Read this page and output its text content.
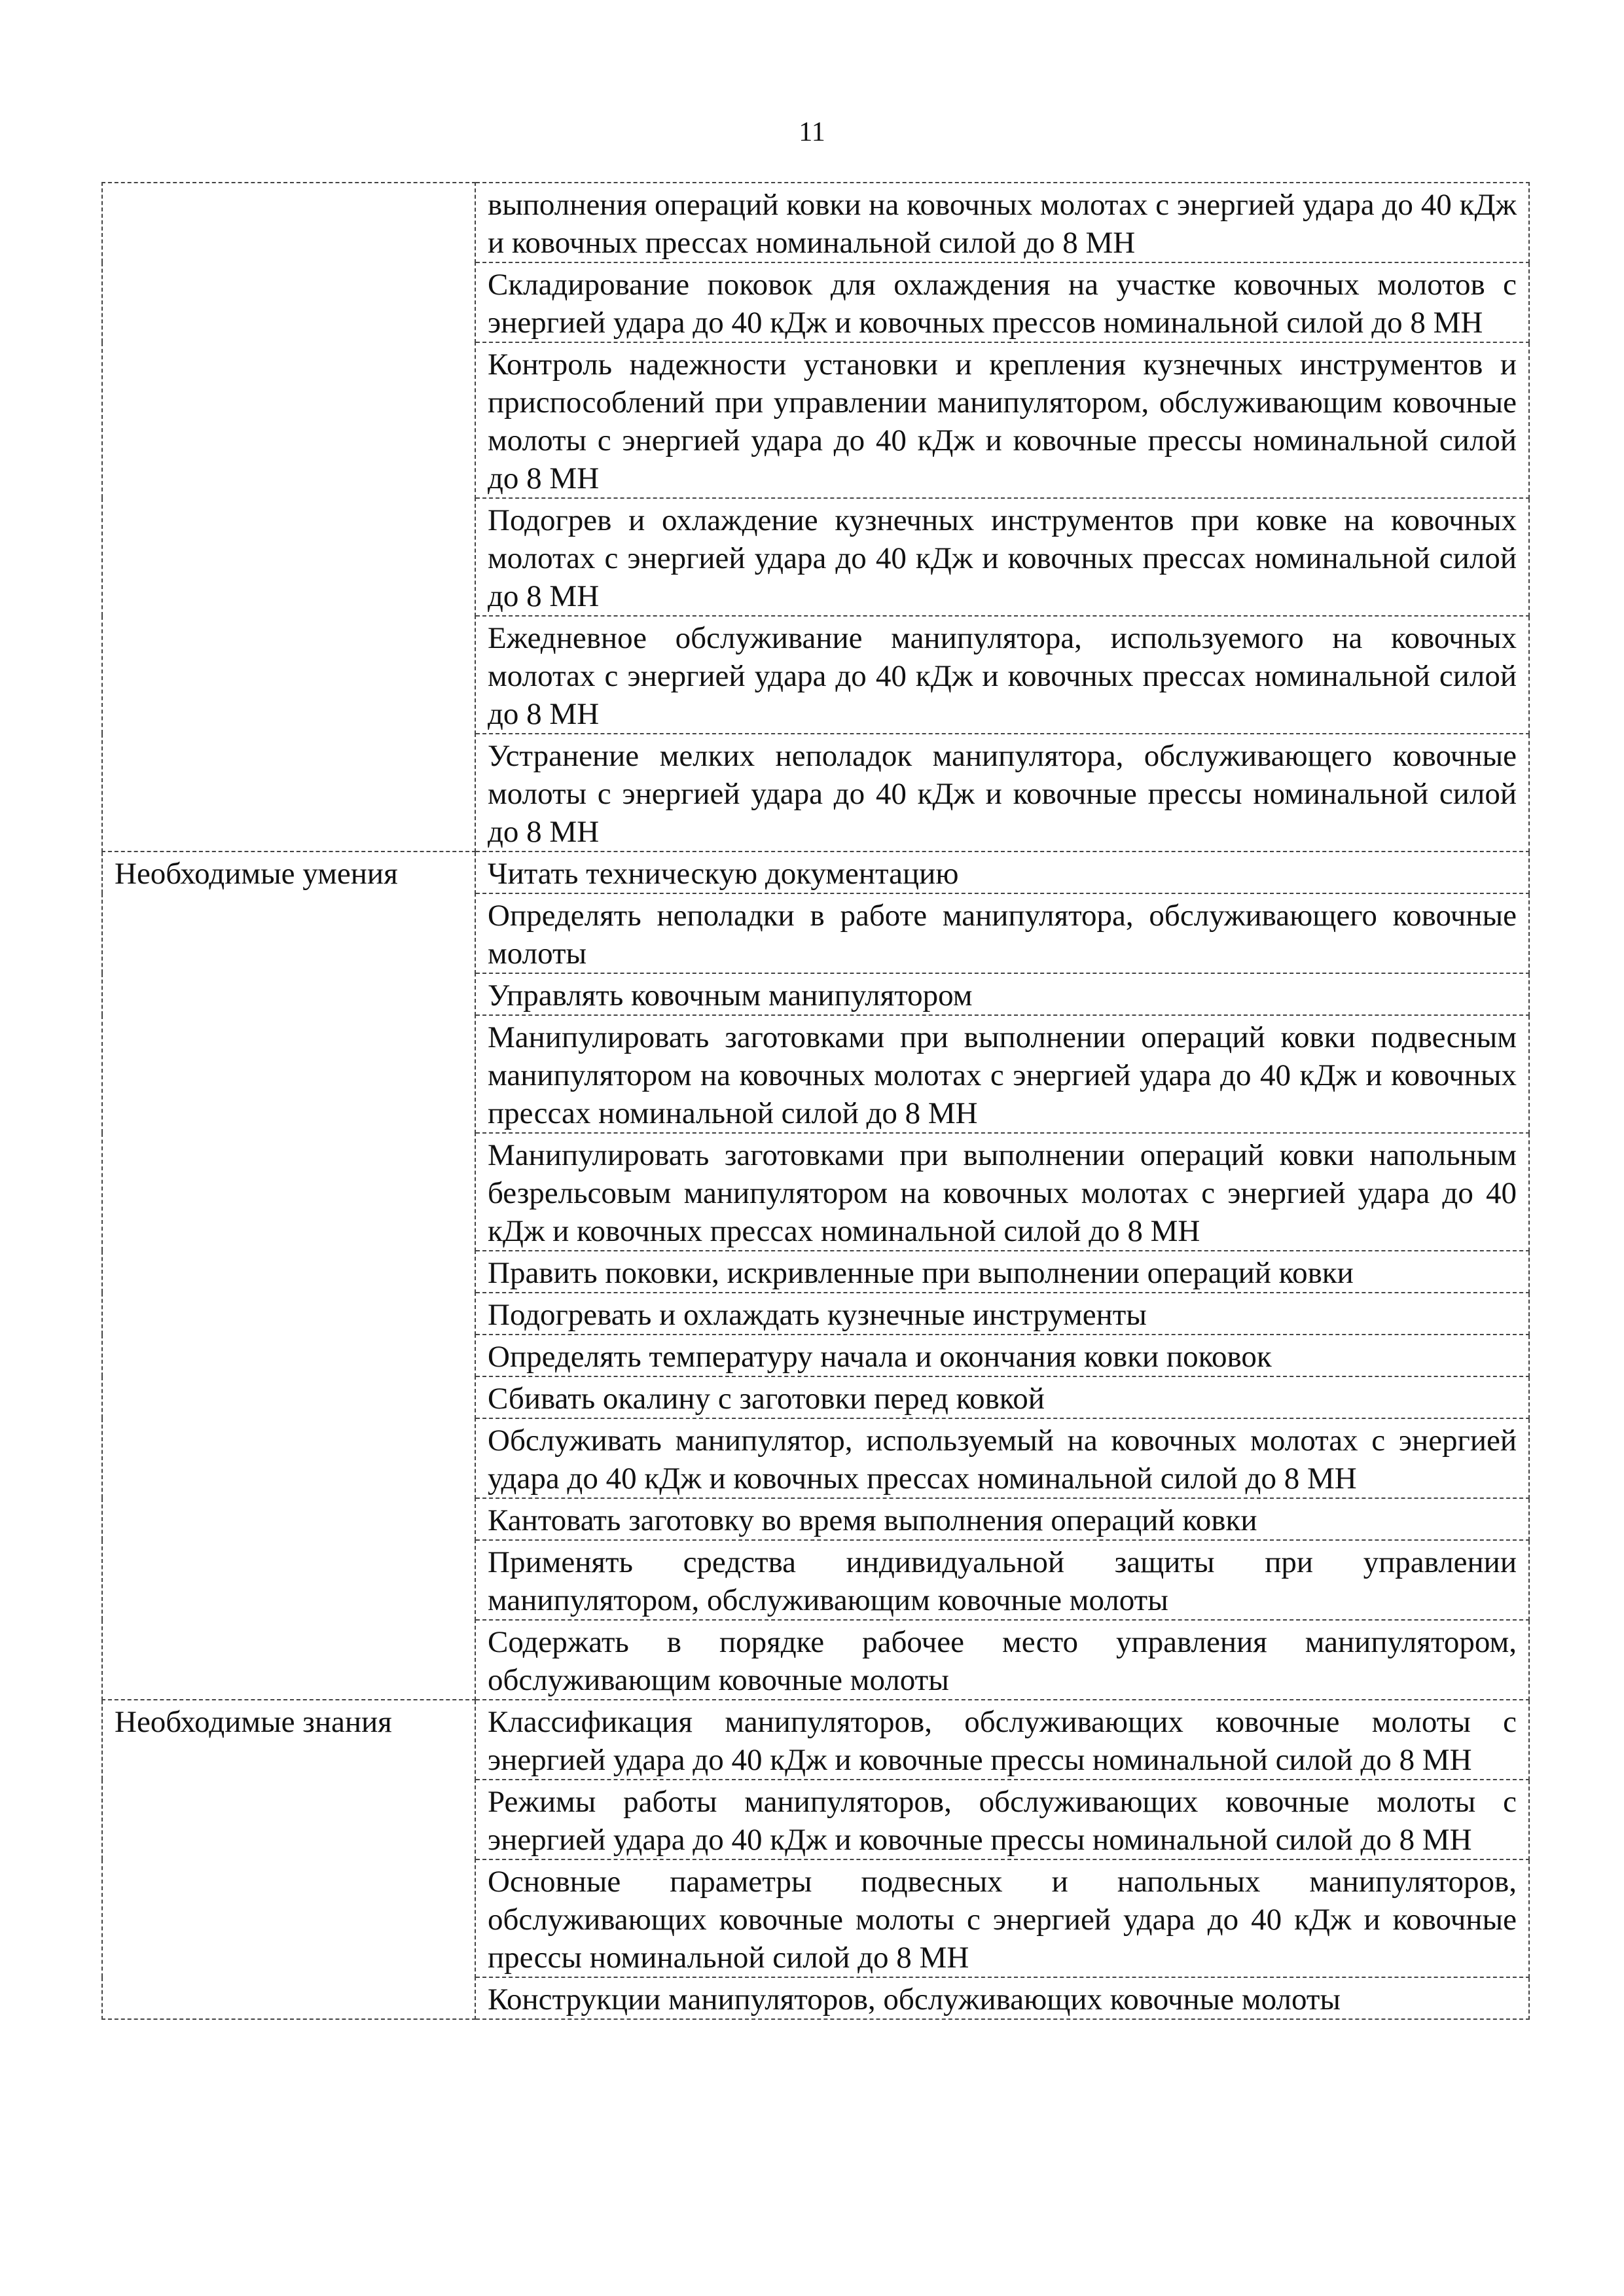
11
	выполнения операций ковки на ковочных молотах с энергией удара до 40 кДж и ковочных прессах номинальной силой до 8 МН
	Складирование поковок для охлаждения на участке ковочных молотов с энергией удара до 40 кДж и ковочных прессов номинальной силой до 8 МН
	Контроль надежности установки и крепления кузнечных инструментов и приспособлений при управлении манипулятором, обслуживающим ковочные молоты с энергией удара до 40 кДж и ковочные прессы номинальной силой до 8 МН
	Подогрев и охлаждение кузнечных инструментов при ковке на ковочных молотах с энергией удара до 40 кДж и ковочных прессах номинальной силой до 8 МН
	Ежедневное обслуживание манипулятора, используемого на ковочных молотах с энергией удара до 40 кДж и ковочных прессах номинальной силой до 8 МН
	Устранение мелких неполадок манипулятора, обслуживающего ковочные молоты с энергией удара до 40 кДж и ковочные прессы номинальной силой до 8 МН
Необходимые умения	Читать техническую документацию
	Определять неполадки в работе манипулятора, обслуживающего ковочные молоты
	Управлять ковочным манипулятором
	Манипулировать заготовками при выполнении операций ковки подвесным манипулятором на ковочных молотах с энергией удара до 40 кДж и ковочных прессах номинальной силой до 8 МН
	Манипулировать заготовками при выполнении операций ковки напольным безрельсовым манипулятором на ковочных молотах с энергией удара до 40 кДж и ковочных прессах номинальной силой до 8 МН
	Править поковки, искривленные при выполнении операций ковки
	Подогревать и охлаждать кузнечные инструменты
	Определять температуру начала и окончания ковки поковок
	Сбивать окалину с заготовки перед ковкой
	Обслуживать манипулятор, используемый на ковочных молотах с энергией удара до 40 кДж и ковочных прессах номинальной силой до 8 МН
	Кантовать заготовку во время выполнения операций ковки
	Применять средства индивидуальной защиты при управлении манипулятором, обслуживающим ковочные молоты
	Содержать в порядке рабочее место управления манипулятором, обслуживающим ковочные молоты
Необходимые знания	Классификация манипуляторов, обслуживающих ковочные молоты с энергией удара до 40 кДж и ковочные прессы номинальной силой до 8 МН
	Режимы работы манипуляторов, обслуживающих ковочные молоты с энергией удара до 40 кДж и ковочные прессы номинальной силой до 8 МН
	Основные параметры подвесных и напольных манипуляторов, обслуживающих ковочные молоты с энергией удара до 40 кДж и ковочные прессы номинальной силой до 8 МН
	Конструкции манипуляторов, обслуживающих ковочные молоты
